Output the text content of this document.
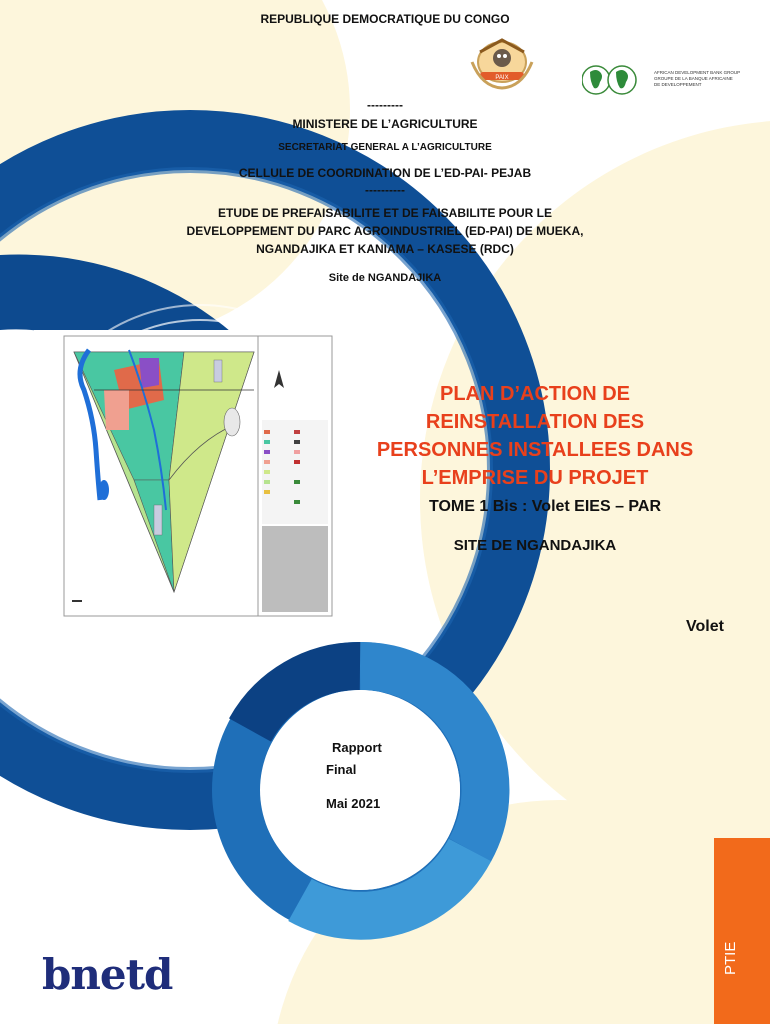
REPUBLIQUE DEMOCRATIQUE DU CONGO
PAIX
AFRICAN DEVELOPMENT BANK GROUP
GROUPE DE LA BANQUE AFRICAINE
DE DEVELOPPEMENT
---------
MINISTERE DE L’AGRICULTURE
SECRETARIAT GENERAL A L’AGRICULTURE
CELLULE DE COORDINATION DE L’ED-PAI- PEJAB
----------
ETUDE DE PREFAISABILITE ET DE FAISABILITE POUR LE
DEVELOPPEMENT DU PARC AGROINDUSTRIEL (ED-PAI) DE MUEKA,
NGANDAJIKA ET KANIAMA – KASESE (RDC)
Site de NGANDAJIKA
PLAN D’ACTION DE
REINSTALLATION DES
PERSONNES INSTALLEES DANS
L’EMPRISE DU PROJET
TOME 1 Bis : Volet EIES – PAR
SITE DE NGANDAJIKA
Volet
Rapport
Final
Mai 2021
PTIE
bnetd
